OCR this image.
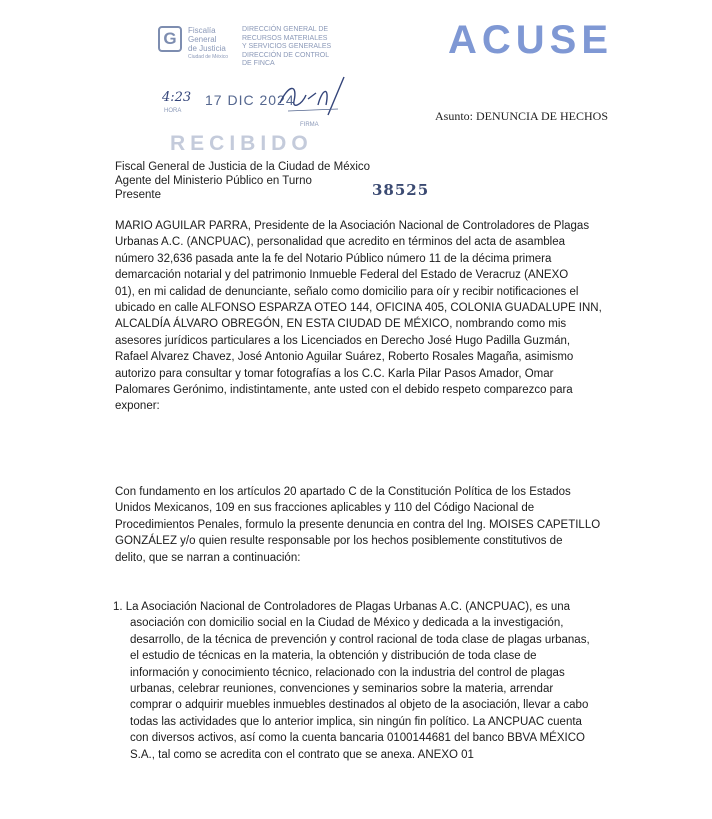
G	Fiscalía
General
de Justicia
Ciudad de México
DIRECCIÓN GENERAL DE
RECURSOS MATERIALES
Y SERVICIOS GENERALES
DIRECCIÓN DE CONTROL
DE FINCA
4:23
HORA
17 DIC 2024
FIRMA
RECIBIDO
ACUSE
Asunto: DENUNCIA DE HECHOS
Fiscal General de Justicia de la Ciudad de México
Agente del Ministerio Público en Turno
Presente	38525
MARIO AGUILAR PARRA, Presidente de la Asociación Nacional de Controladores de Plagas
Urbanas A.C. (ANCPUAC), personalidad que acredito en términos del acta de asamblea
número 32,636 pasada ante la fe del Notario Público número 11 de la décima primera
demarcación notarial y del patrimonio Inmueble Federal del Estado de Veracruz (ANEXO
01), en mi calidad de denunciante, señalo como domicilio para oír y recibir notificaciones el
ubicado en calle ALFONSO ESPARZA OTEO 144, OFICINA 405, COLONIA GUADALUPE INN,
ALCALDÍA ÁLVARO OBREGÓN, EN ESTA CIUDAD DE MÉXICO, nombrando como mis
asesores jurídicos particulares a los Licenciados en Derecho José Hugo Padilla Guzmán,
Rafael Alvarez Chavez, José Antonio Aguilar Suárez, Roberto Rosales Magaña, asimismo
autorizo para consultar y tomar fotografías a los C.C. Karla Pilar Pasos Amador, Omar
Palomares Gerónimo, indistintamente, ante usted con el debido respeto comparezco para
exponer:
Con fundamento en los artículos 20 apartado C de la Constitución Política de los Estados
Unidos Mexicanos, 109 en sus fracciones aplicables y 110 del Código Nacional de
Procedimientos Penales, formulo la presente denuncia en contra del Ing. MOISES CAPETILLO
GONZÁLEZ y/o quien resulte responsable por los hechos posiblemente constitutivos de
delito, que se narran a continuación:
1. La Asociación Nacional de Controladores de Plagas Urbanas A.C. (ANCPUAC), es una
asociación con domicilio social en la Ciudad de México y dedicada a la investigación,
desarrollo, de la técnica de prevención y control racional de toda clase de plagas urbanas,
el estudio de técnicas en la materia, la obtención y distribución de toda clase de
información y conocimiento técnico, relacionado con la industria del control de plagas
urbanas, celebrar reuniones, convenciones y seminarios sobre la materia, arrendar
comprar o adquirir muebles inmuebles destinados al objeto de la asociación, llevar a cabo
todas las actividades que lo anterior implica, sin ningún fin político. La ANCPUAC cuenta
con diversos activos, así como la cuenta bancaria 0100144681 del banco BBVA MÉXICO
S.A., tal como se acredita con el contrato que se anexa. ANEXO 01
